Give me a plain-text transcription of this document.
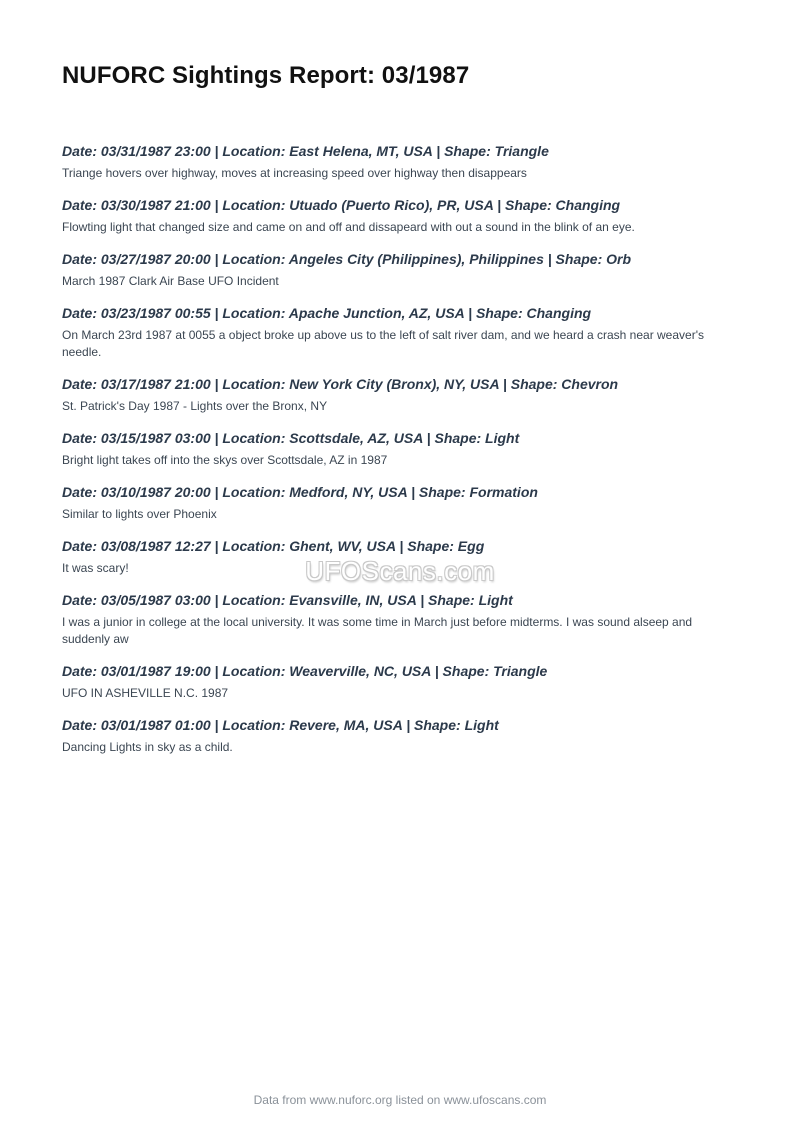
NUFORC Sightings Report: 03/1987

Date: 03/31/1987 23:00 | Location: East Helena, MT, USA | Shape: Triangle

Triange hovers over highway, moves at increasing speed over highway then disappears

Date: 03/30/1987 21:00 | Location: Utuado (Puerto Rico), PR, USA | Shape: Changing

Flowting light that changed size and came on and off and dissapeard with out a sound in the blink of an eye.

Date: 03/27/1987 20:00 | Location: Angeles City (Philippines), Philippines | Shape: Orb

March 1987 Clark Air Base UFO Incident

Date: 03/23/1987 00:55 | Location: Apache Junction, AZ, USA | Shape: Changing

On March 23rd 1987 at 0055 a object broke up above us to the left of salt river dam, and we heard a crash near weaver's needle.

Date: 03/17/1987 21:00 | Location: New York City (Bronx), NY, USA | Shape: Chevron

St. Patrick's Day 1987 - Lights over the Bronx, NY

Date: 03/15/1987 03:00 | Location: Scottsdale, AZ, USA | Shape: Light

Bright light takes off into the skys over Scottsdale, AZ in 1987

Date: 03/10/1987 20:00 | Location: Medford, NY, USA | Shape: Formation

Similar to lights over Phoenix

Date: 03/08/1987 12:27 | Location: Ghent, WV, USA | Shape: Egg

It was scary!

Date: 03/05/1987 03:00 | Location: Evansville, IN, USA | Shape: Light

I was a junior in college at the local university. It was some time in March just before midterms. I was sound alseep and suddenly aw

Date: 03/01/1987 19:00 | Location: Weaverville, NC, USA | Shape: Triangle

UFO IN ASHEVILLE N.C. 1987

Date: 03/01/1987 01:00 | Location: Revere, MA, USA | Shape: Light

Dancing Lights in sky as a child.

UFOScans.com
Data from www.nuforc.org listed on www.ufoscans.com
